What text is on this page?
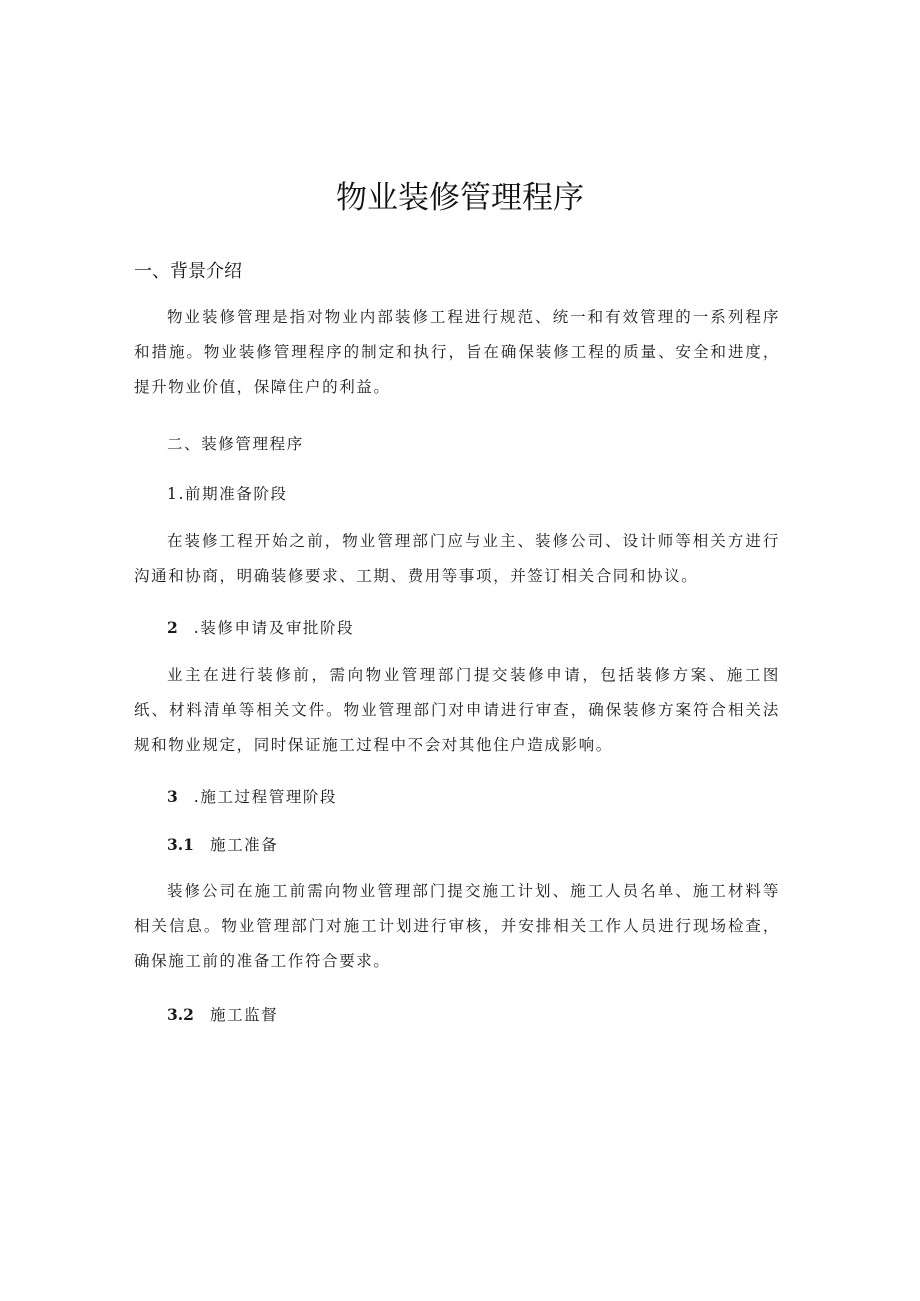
物业装修管理程序
一、背景介绍

物业装修管理是指对物业内部装修工程进行规范、统一和有效管理的一系列程序和措施。物业装修管理程序的制定和执行，旨在确保装修工程的质量、安全和进度，提升物业价值，保障住户的利益。

二、装修管理程序
1.前期准备阶段

在装修工程开始之前，物业管理部门应与业主、装修公司、设计师等相关方进行沟通和协商，明确装修要求、工期、费用等事项，并签订相关合同和协议。

2 .装修申请及审批阶段

业主在进行装修前，需向物业管理部门提交装修申请，包括装修方案、施工图纸、材料清单等相关文件。物业管理部门对申请进行审查，确保装修方案符合相关法规和物业规定，同时保证施工过程中不会对其他住户造成影响。

3 .施工过程管理阶段
3.1 施工准备

装修公司在施工前需向物业管理部门提交施工计划、施工人员名单、施工材料等相关信息。物业管理部门对施工计划进行审核，并安排相关工作人员进行现场检查，确保施工前的准备工作符合要求。

3.2 施工监督
